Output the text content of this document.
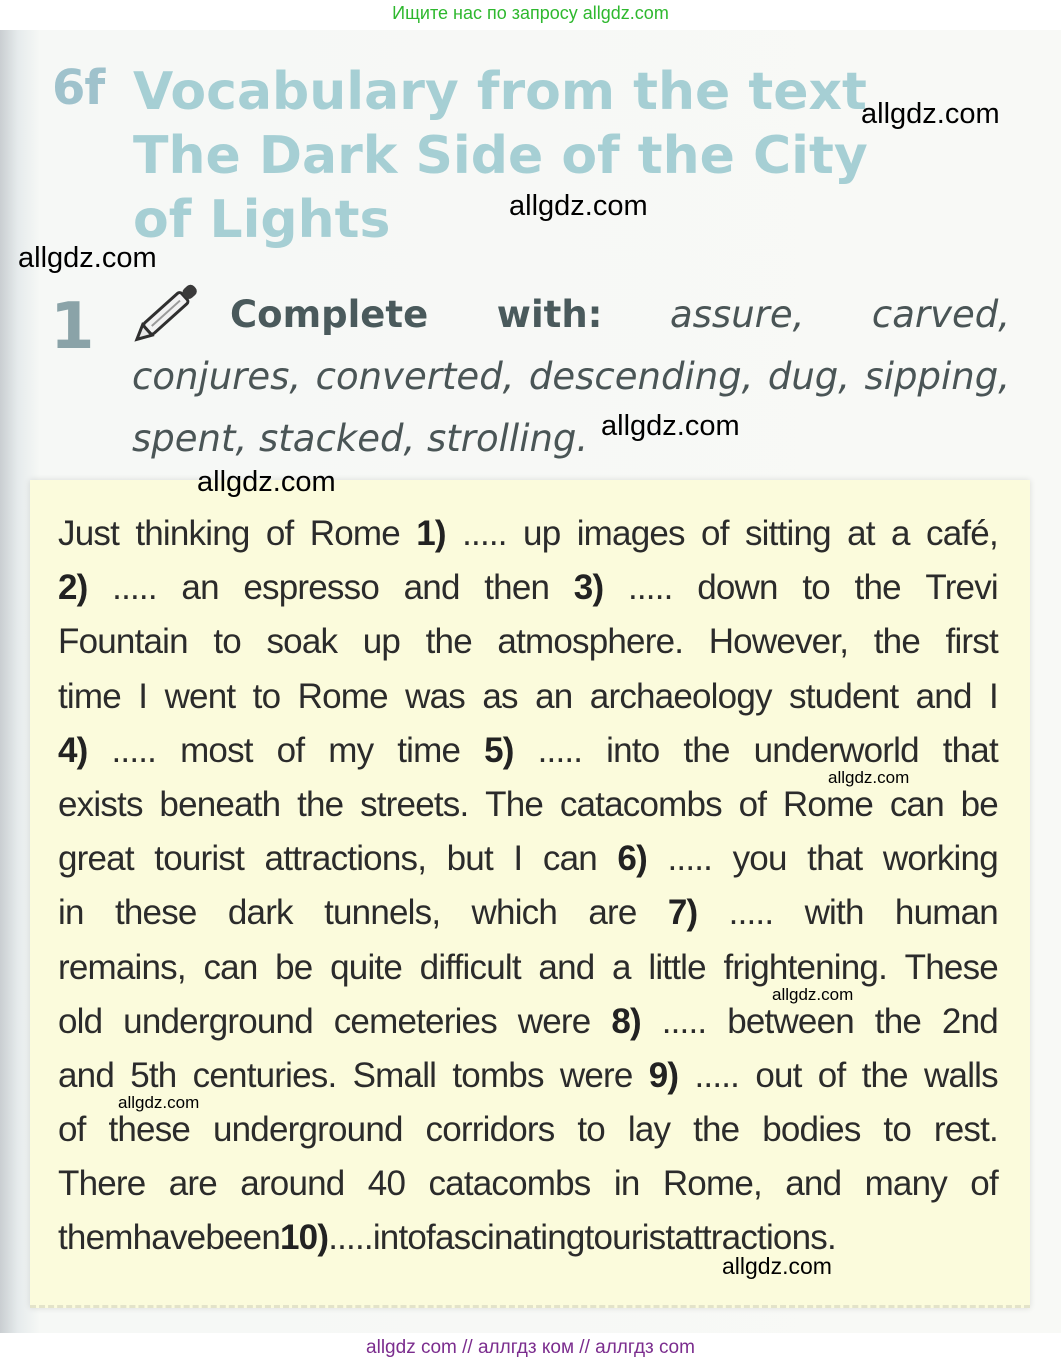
Ищите нас по запросу allgdz.com
6f Vocabulary from the text
The Dark Side of the City
of Lights
1	Complete with: assure, carved, conjures, converted, descending, dug, sipping, spent, stacked, strolling.
Just thinking of Rome 1) ..... up images of sitting at a café,
2) ..... an espresso and then 3) ..... down to the Trevi
Fountain to soak up the atmosphere. However, the first
time I went to Rome was as an archaeology student and I
4) ..... most of my time 5) ..... into the underworld that
exists beneath the streets. The catacombs of Rome can be
great tourist attractions, but I can 6) ..... you that working
in these dark tunnels, which are 7) ..... with human
remains, can be quite difficult and a little frightening. These
old underground cemeteries were 8) ..... between the 2nd
and 5th centuries. Small tombs were 9) ..... out of the walls
of these underground corridors to lay the bodies to rest.
There are around 40 catacombs in Rome, and many of
them have been 10) ..... into fascinating tourist attractions.
allgdz.com
allgdz.com
allgdz.com
allgdz.com
allgdz.com
allgdz.com
allgdz.com
allgdz.com
allgdz.com
allgdz com // аллгдз ком // аллгдз com
